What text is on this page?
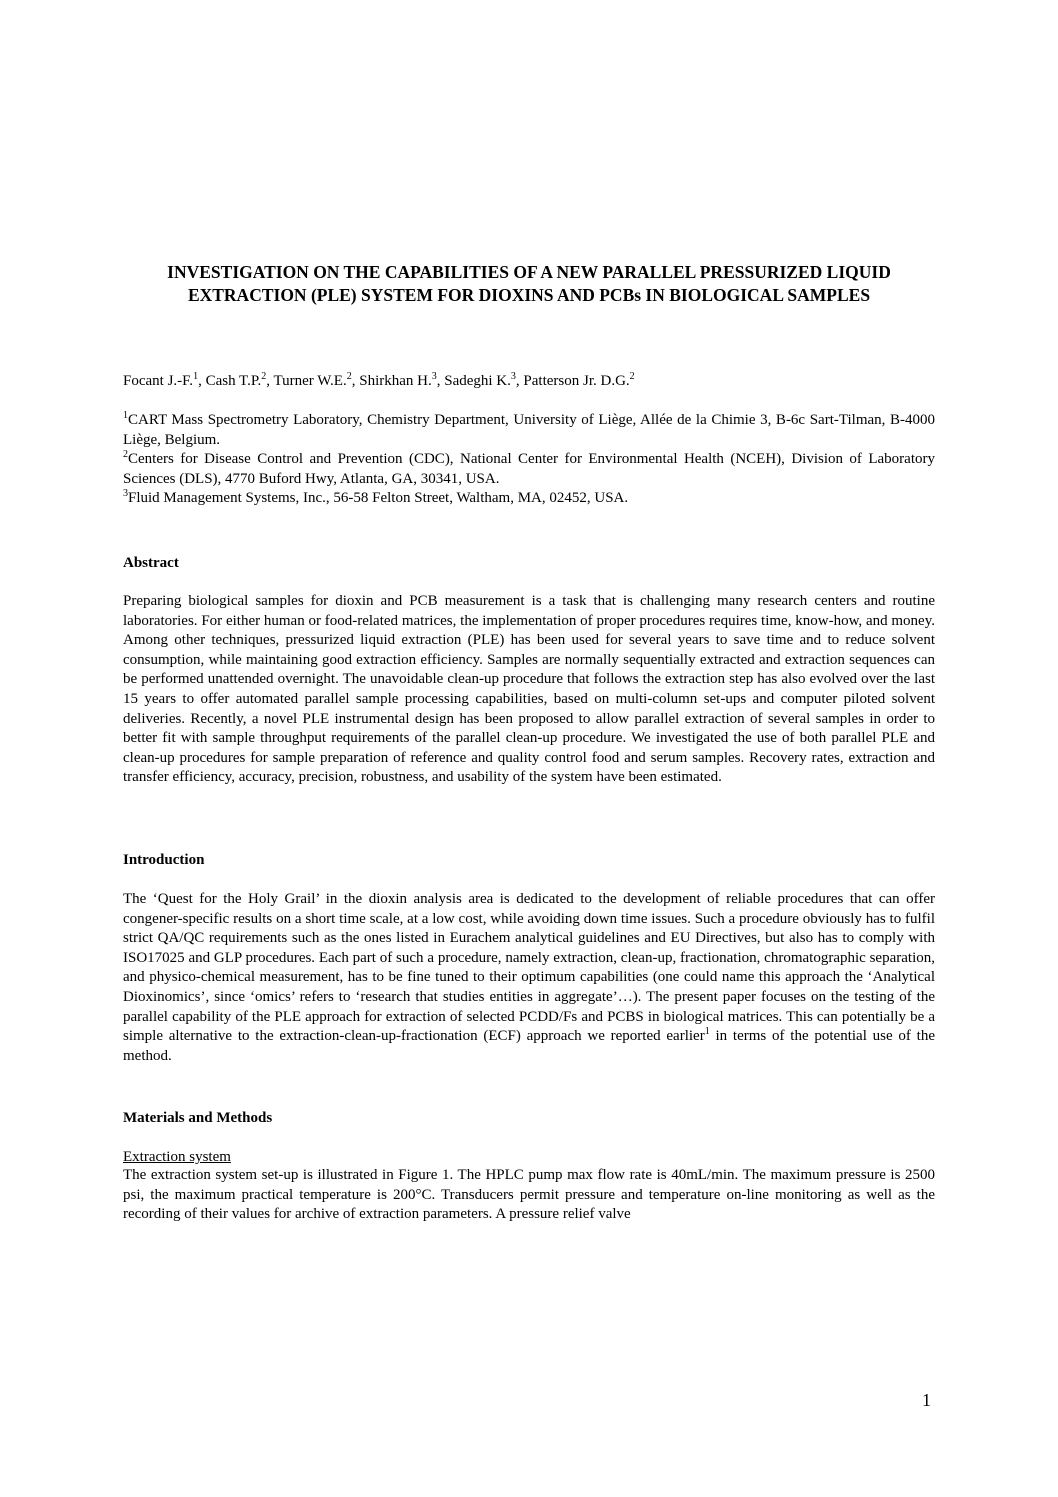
INVESTIGATION ON THE CAPABILITIES OF A NEW PARALLEL PRESSURIZED LIQUID EXTRACTION (PLE) SYSTEM FOR DIOXINS AND PCBs IN BIOLOGICAL SAMPLES
Focant J.-F.$^1$, Cash T.P.$^2$, Turner W.E.$^2$, Shirkhan H.$^3$, Sadeghi K.$^3$, Patterson Jr. D.G.$^2$
$^1$CART Mass Spectrometry Laboratory, Chemistry Department, University of Liège, Allée de la Chimie 3, B-6c Sart-Tilman, B-4000 Liège, Belgium.
$^2$Centers for Disease Control and Prevention (CDC), National Center for Environmental Health (NCEH), Division of Laboratory Sciences (DLS), 4770 Buford Hwy, Atlanta, GA, 30341, USA.
$^3$Fluid Management Systems, Inc., 56-58 Felton Street, Waltham, MA, 02452, USA.
Abstract
Preparing biological samples for dioxin and PCB measurement is a task that is challenging many research centers and routine laboratories. For either human or food-related matrices, the implementation of proper procedures requires time, know-how, and money. Among other techniques, pressurized liquid extraction (PLE) has been used for several years to save time and to reduce solvent consumption, while maintaining good extraction efficiency. Samples are normally sequentially extracted and extraction sequences can be performed unattended overnight. The unavoidable clean-up procedure that follows the extraction step has also evolved over the last 15 years to offer automated parallel sample processing capabilities, based on multi-column set-ups and computer piloted solvent deliveries. Recently, a novel PLE instrumental design has been proposed to allow parallel extraction of several samples in order to better fit with sample throughput requirements of the parallel clean-up procedure. We investigated the use of both parallel PLE and clean-up procedures for sample preparation of reference and quality control food and serum samples. Recovery rates, extraction and transfer efficiency, accuracy, precision, robustness, and usability of the system have been estimated.
Introduction
The ‘Quest for the Holy Grail’ in the dioxin analysis area is dedicated to the development of reliable procedures that can offer congener-specific results on a short time scale, at a low cost, while avoiding down time issues. Such a procedure obviously has to fulfil strict QA/QC requirements such as the ones listed in Eurachem analytical guidelines and EU Directives, but also has to comply with ISO17025 and GLP procedures. Each part of such a procedure, namely extraction, clean-up, fractionation, chromatographic separation, and physico-chemical measurement, has to be fine tuned to their optimum capabilities (one could name this approach the ‘Analytical Dioxinomics’, since ‘omics’ refers to ‘research that studies entities in aggregate’…). The present paper focuses on the testing of the parallel capability of the PLE approach for extraction of selected PCDD/Fs and PCBS in biological matrices. This can potentially be a simple alternative to the extraction-clean-up-fractionation (ECF) approach we reported earlier$^1$ in terms of the potential use of the method.
Materials and Methods
Extraction system
The extraction system set-up is illustrated in Figure 1. The HPLC pump max flow rate is 40mL/min. The maximum pressure is 2500 psi, the maximum practical temperature is 200°C. Transducers permit pressure and temperature on-line monitoring as well as the recording of their values for archive of extraction parameters. A pressure relief valve
1
